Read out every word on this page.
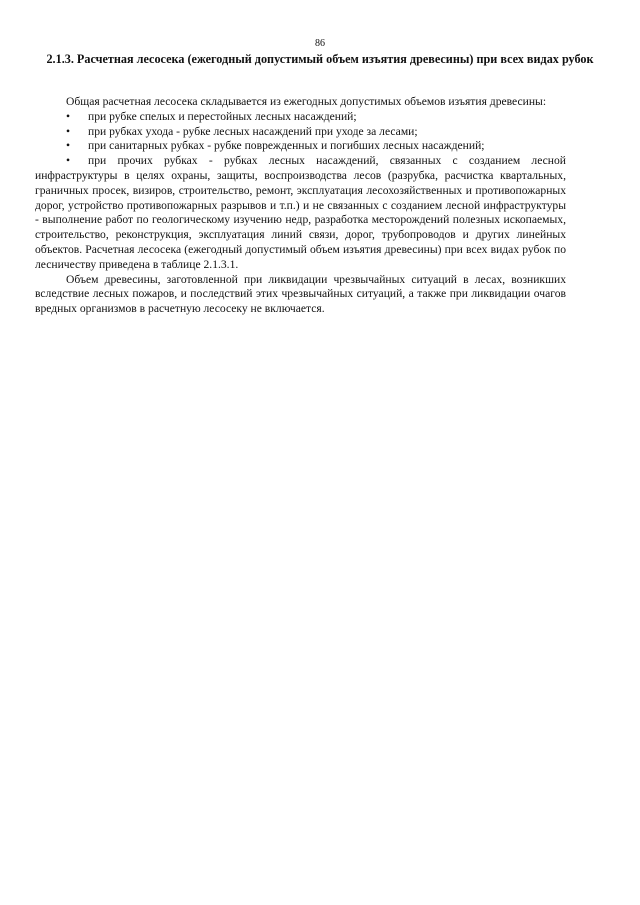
86
2.1.3. Расчетная лесосека (ежегодный допустимый объем изъятия древесины) при всех видах рубок

Общая расчетная лесосека складывается из ежегодных допустимых объемов изъятия древесины:

•
при рубке спелых и перестойных лесных насаждений;
•
при рубках ухода - рубке лесных насаждений при уходе за лесами;
•
при санитарных рубках - рубке поврежденных и погибших лесных насаждений;
•
при прочих рубках - рубках лесных насаждений, связанных с созданием лесной инфраструктуры в целях охраны, защиты, воспроизводства лесов (разрубка, расчистка квартальных, граничных просек, визиров, строительство, ремонт, эксплуатация лесохозяйственных и противопожарных дорог, устройство противопожарных разрывов и т.п.) и не связанных с созданием лесной инфраструктуры - выполнение работ по геологическому изучению недр, разработка месторождений полезных ископаемых, строительство, реконструкция, эксплуатация линий связи, дорог, трубопроводов и других линейных объектов. Расчетная лесосека (ежегодный допустимый объем изъятия древесины) при всех видах рубок по лесничеству приведена в таблице 2.1.3.1.

Объем древесины, заготовленной при ликвидации чрезвычайных ситуаций в лесах, возникших вследствие лесных пожаров, и последствий этих чрезвычайных ситуаций, а также при ликвидации очагов вредных организмов в расчетную лесосеку не включается.
